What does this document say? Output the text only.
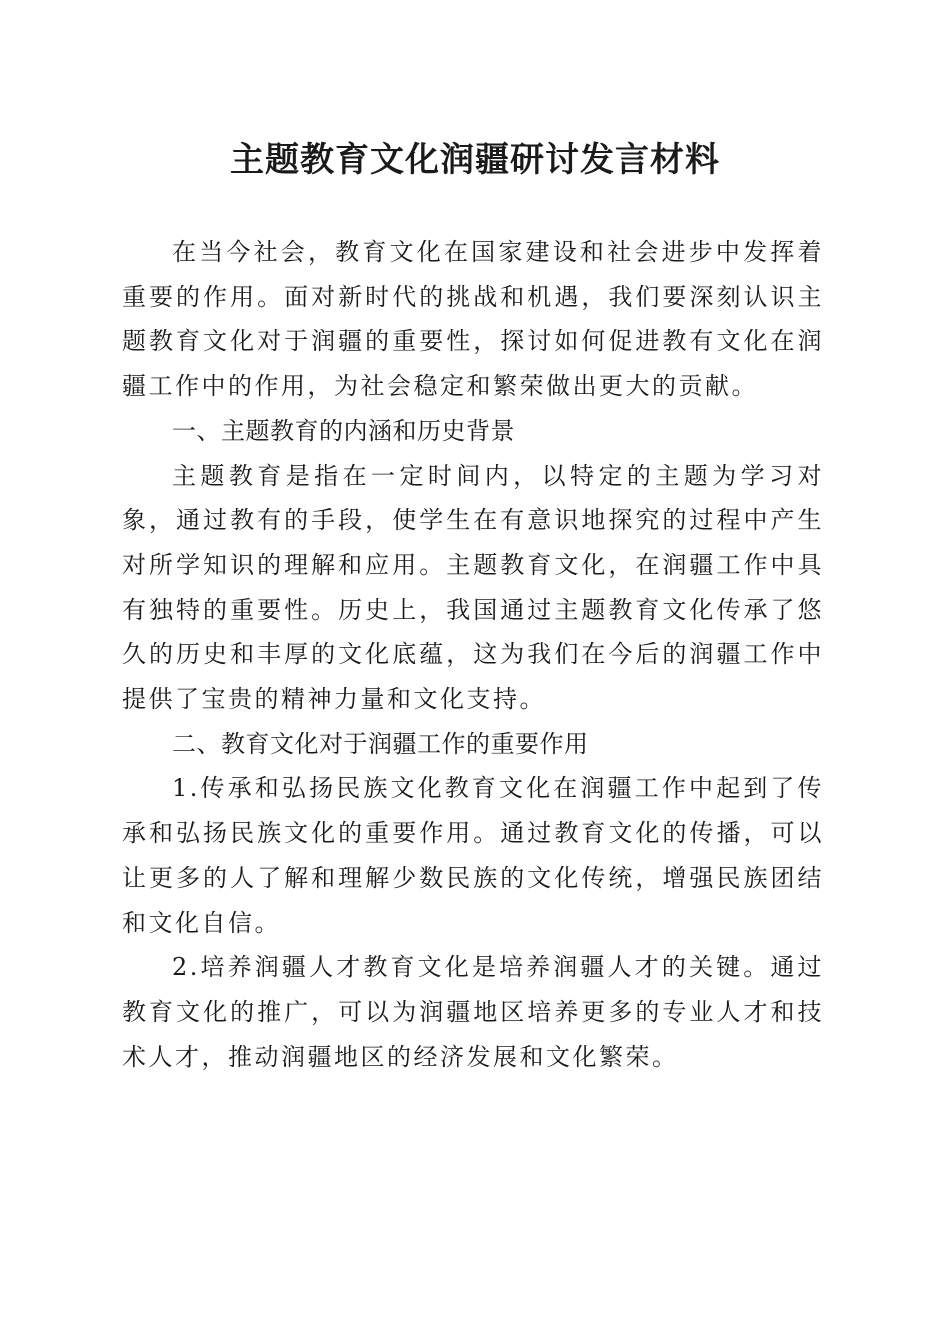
主题教育文化润疆研讨发言材料

在当今社会，教育文化在国家建设和社会进步中发挥着重要的作用。面对新时代的挑战和机遇，我们要深刻认识主题教育文化对于润疆的重要性，探讨如何促进教有文化在润疆工作中的作用，为社会稳定和繁荣做出更大的贡献。

一、主题教育的内涵和历史背景

主题教育是指在一定时间内，以特定的主题为学习对象，通过教有的手段，使学生在有意识地探究的过程中产生对所学知识的理解和应用。主题教育文化，在润疆工作中具有独特的重要性。历史上，我国通过主题教育文化传承了悠久的历史和丰厚的文化底蕴，这为我们在今后的润疆工作中提供了宝贵的精神力量和文化支持。

二、教育文化对于润疆工作的重要作用

1.传承和弘扬民族文化教育文化在润疆工作中起到了传承和弘扬民族文化的重要作用。通过教育文化的传播，可以让更多的人了解和理解少数民族的文化传统，增强民族团结和文化自信。

2.培养润疆人才教育文化是培养润疆人才的关键。通过教育文化的推广，可以为润疆地区培养更多的专业人才和技术人才，推动润疆地区的经济发展和文化繁荣。
